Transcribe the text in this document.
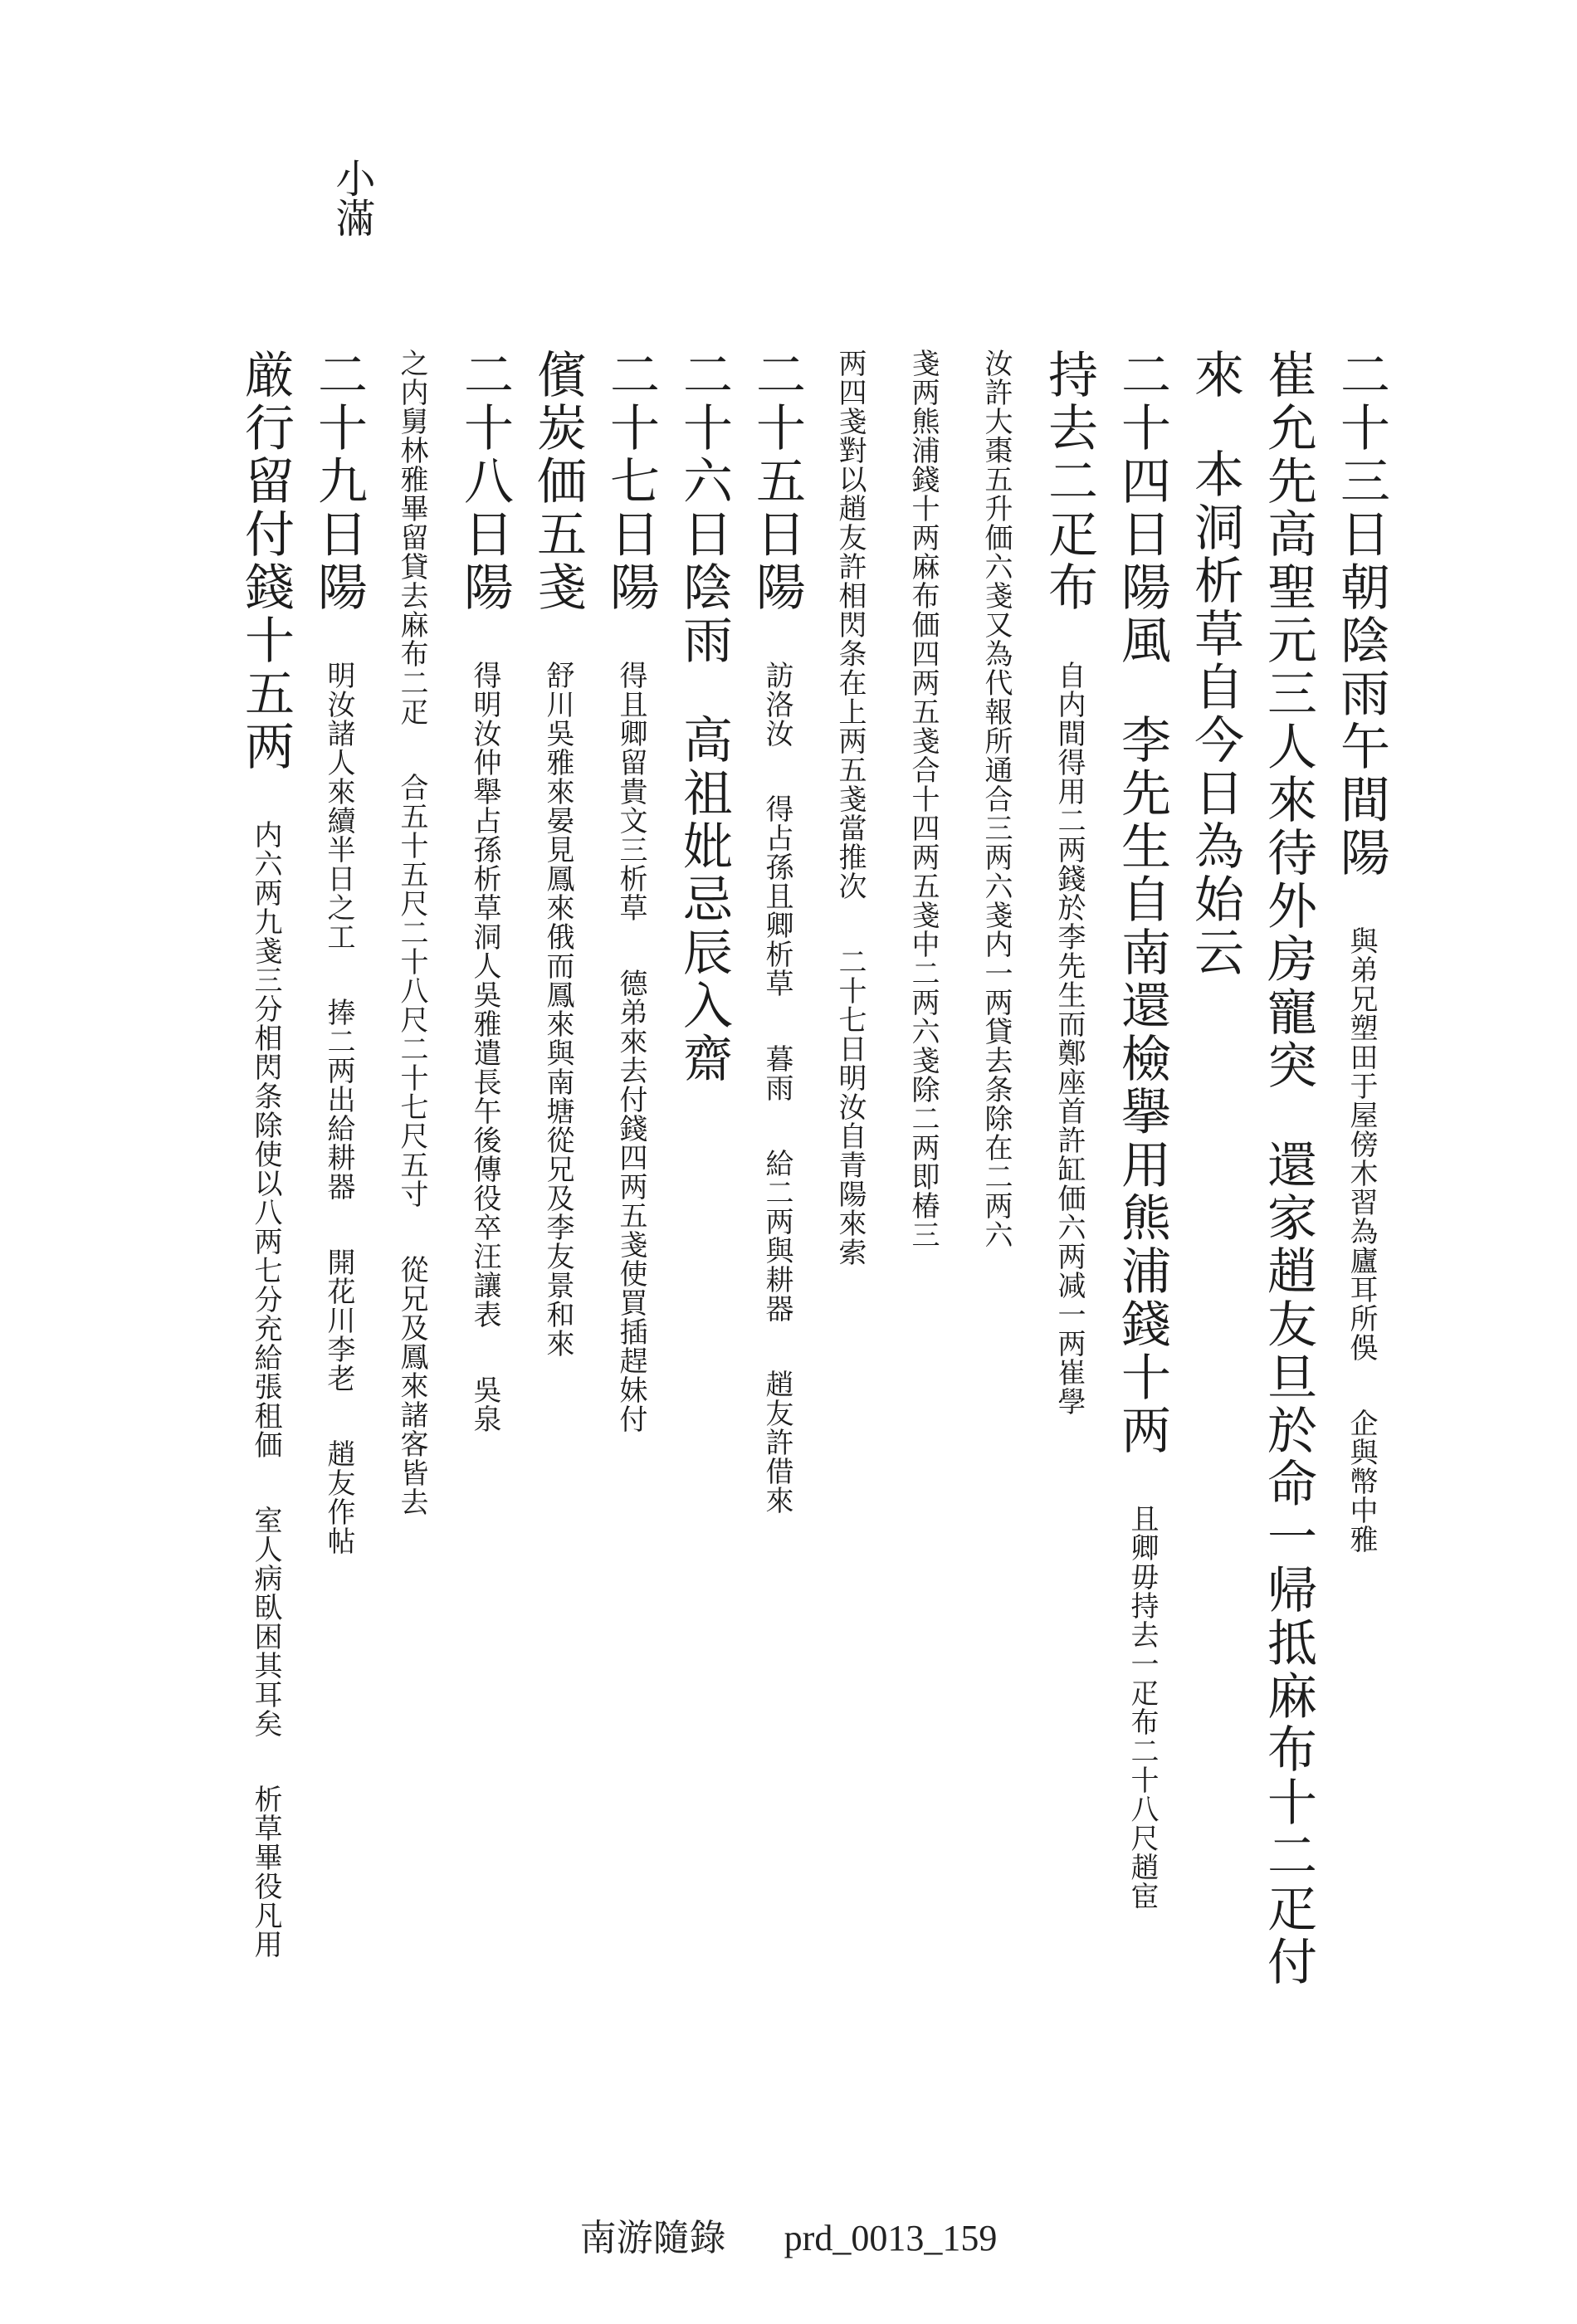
小滿
二十三日朝陰雨午間陽與弟兄塑田于屋傍木習為廬耳所俁企與幣中雅
崔允先高聖元三人來待外房寵突還家趙友旦於命一帰抵麻布十二疋付
來本洞析草自今日為始云
二十四日陽風李先生自南還檢擧用熊浦錢十两且卿毋持去一疋布二十八尺趙宦
持去二疋布自内間得用二两錢於李先生而鄭座首許缸価六两减一两崔學
汝許大棗五升価六戔又為代報所通合三两六戔内一两貸去条除在二两六
戔两熊浦錢十两麻布価四两五戔合十四两五戔中二两六戔除二两即椿三
两四戔對以趙友許相閃条在上两五戔當推次二十七日明汝自青陽來索
二十五日陽訪洛汝得占孫且卿析草暮雨給二两與耕器趙友許借來
二十六日陰雨高祖妣忌辰入齋
二十七日陽得且卿留貴文三析草德弟來去付錢四两五戔使買插趕妹付
儐炭価五戔舒川吳雅來晏見鳳來俄而鳳來與南塘從兄及李友景和來
二十八日陽得明汝仲舉占孫析草洞人吳雅遣長午後傳役卒汪讓表吳泉
之内舅林雅畢留貸去麻布二疋合五十五尺二十八尺二十七尺五寸從兄及鳳來諸客皆去
二十九日陽明汝諸人來續半日之工捧二两出給耕器開花川李老趙友作帖
厳行留付錢十五两内六两九戔三分相閃条除使以八两七分充給張租価室人病臥困其耳矣析草畢役凡用
南游隨錄 prd_0013_159
